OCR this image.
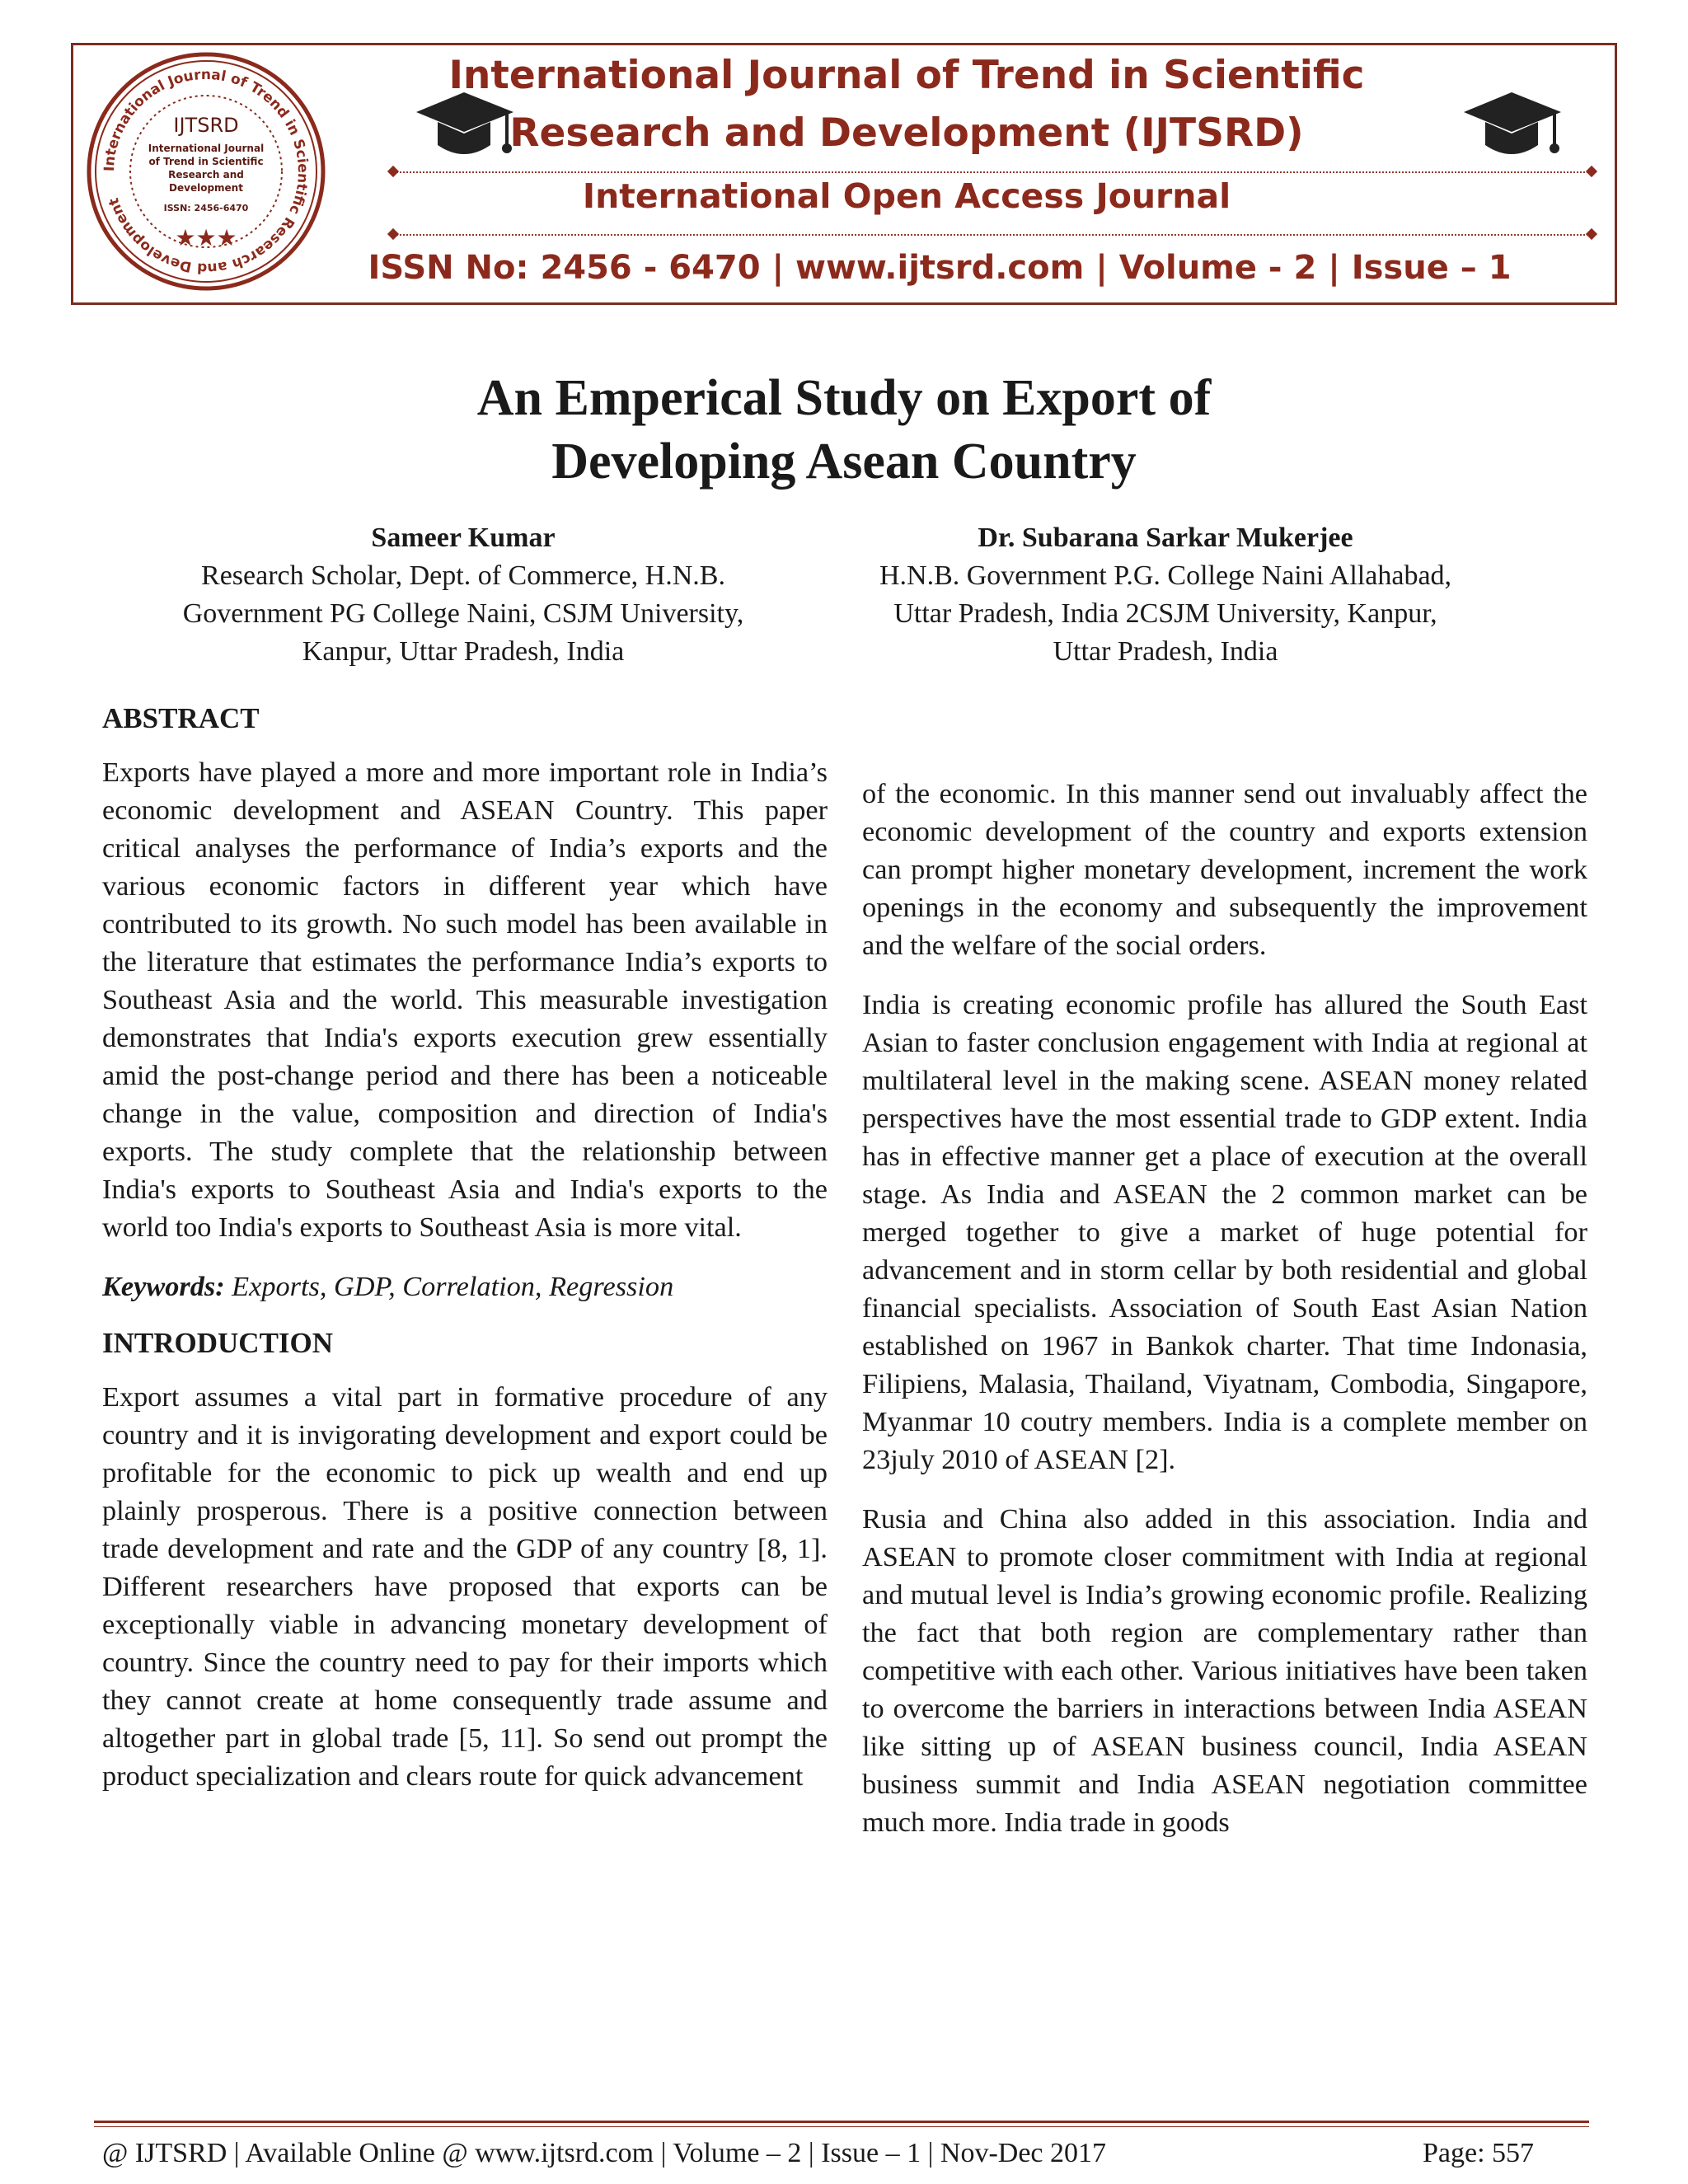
International Journal of Trend in Scientific Research and Development
IJTSRD
International Journal
of Trend in Scientific
Research and
Development
ISSN: 2456-6470
★★★
International Journal of Trend in Scientific
Research and Development (IJTSRD)
International Open Access Journal
ISSN No: 2456 - 6470 | www.ijtsrd.com | Volume - 2 | Issue – 1
An Emperical Study on Export of
Developing Asean Country
Sameer Kumar
Research Scholar, Dept. of Commerce, H.N.B.
Government PG College Naini, CSJM University,
Kanpur, Uttar Pradesh, India
Dr. Subarana Sarkar Mukerjee
H.N.B. Government P.G. College Naini Allahabad,
Uttar Pradesh, India 2CSJM University, Kanpur,
Uttar Pradesh, India
ABSTRACT

Exports have played a more and more important role in India’s economic development and ASEAN Country. This paper critical analyses the performance of India’s exports and the various economic factors in different year which have contributed to its growth. No such model has been available in the literature that estimates the performance India’s exports to Southeast Asia and the world. This measurable investigation demonstrates that India's exports execution grew essentially amid the post-change period and there has been a noticeable change in the value, composition and direction of India's exports. The study complete that the relationship between India's exports to Southeast Asia and India's exports to the world too India's exports to Southeast Asia is more vital.

Keywords: Exports, GDP, Correlation, Regression

INTRODUCTION

Export assumes a vital part in formative procedure of any country and it is invigorating development and export could be profitable for the economic to pick up wealth and end up plainly prosperous. There is a positive connection between trade development and rate and the GDP of any country [8, 1]. Different researchers have proposed that exports can be exceptionally viable in advancing monetary development of country. Since the country need to pay for their imports which they cannot create at home consequently trade assume and altogether part in global trade [5, 11]. So send out prompt the product specialization and clears route for quick advancement

of the economic. In this manner send out invaluably affect the economic development of the country and exports extension can prompt higher monetary development, increment the work openings in the economy and subsequently the improvement and the welfare of the social orders.

India is creating economic profile has allured the South East Asian to faster conclusion engagement with India at regional at multilateral level in the making scene. ASEAN money related perspectives have the most essential trade to GDP extent. India has in effective manner get a place of execution at the overall stage. As India and ASEAN the 2 common market can be merged together to give a market of huge potential for advancement and in storm cellar by both residential and global financial specialists. Association of South East Asian Nation established on 1967 in Bankok charter. That time Indonasia, Filipiens, Malasia, Thailand, Viyatnam, Combodia, Singapore, Myanmar 10 coutry members. India is a complete member on 23july 2010 of ASEAN [2].

Rusia and China also added in this association. India and ASEAN to promote closer commitment with India at regional and mutual level is India’s growing economic profile. Realizing the fact that both region are complementary rather than competitive with each other. Various initiatives have been taken to overcome the barriers in interactions between India ASEAN like sitting up of ASEAN business council, India ASEAN business summit and India ASEAN negotiation committee much more. India trade in goods

@ IJTSRD | Available Online @ www.ijtsrd.com | Volume – 2 | Issue – 1 | Nov-Dec 2017	Page: 557
